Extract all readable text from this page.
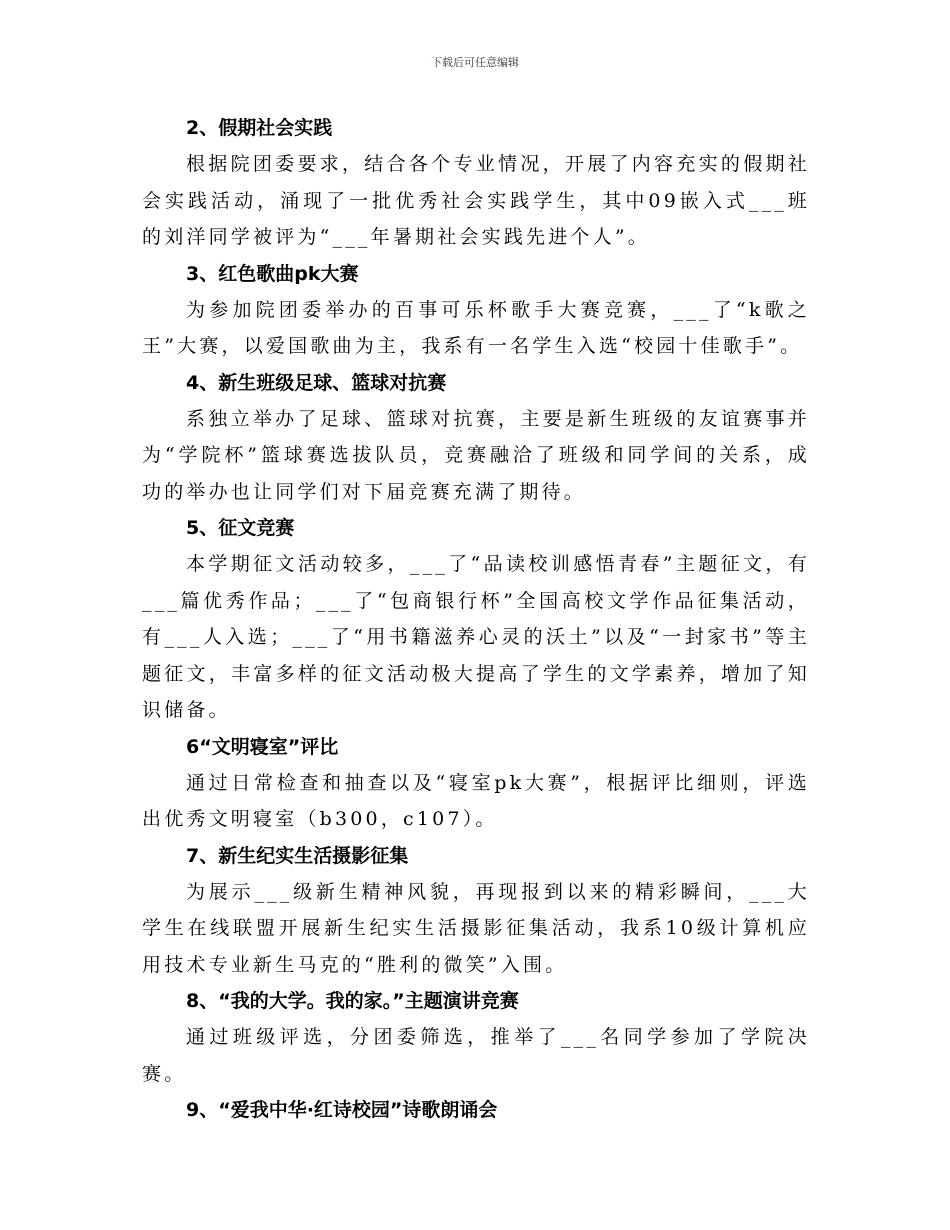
下载后可任意编辑

2、假期社会实践

根据院团委要求，结合各个专业情况，开展了内容充实的假期社会实践活动，涌现了一批优秀社会实践学生，其中09嵌入式___班的刘洋同学被评为“___年暑期社会实践先进个人”。

3、红色歌曲pk大赛

为参加院团委举办的百事可乐杯歌手大赛竞赛，___了“k歌之王”大赛，以爱国歌曲为主，我系有一名学生入选“校园十佳歌手”。

4、新生班级足球、篮球对抗赛

系独立举办了足球、篮球对抗赛，主要是新生班级的友谊赛事并为“学院杯”篮球赛选拔队员，竞赛融洽了班级和同学间的关系，成功的举办也让同学们对下届竞赛充满了期待。

5、征文竞赛

本学期征文活动较多，___了“品读校训感悟青春”主题征文，有___篇优秀作品；___了“包商银行杯”全国高校文学作品征集活动，有___人入选；___了“用书籍滋养心灵的沃土”以及“一封家书”等主题征文，丰富多样的征文活动极大提高了学生的文学素养，增加了知识储备。

6“文明寝室”评比

通过日常检查和抽查以及“寝室pk大赛”，根据评比细则，评选出优秀文明寝室（b300，c107）。

7、新生纪实生活摄影征集

为展示___级新生精神风貌，再现报到以来的精彩瞬间，___大学生在线联盟开展新生纪实生活摄影征集活动，我系10级计算机应用技术专业新生马克的“胜利的微笑”入围。

8、“我的大学。我的家。”主题演讲竞赛

通过班级评选，分团委筛选，推举了___名同学参加了学院决赛。

9、“爱我中华·红诗校园”诗歌朗诵会
